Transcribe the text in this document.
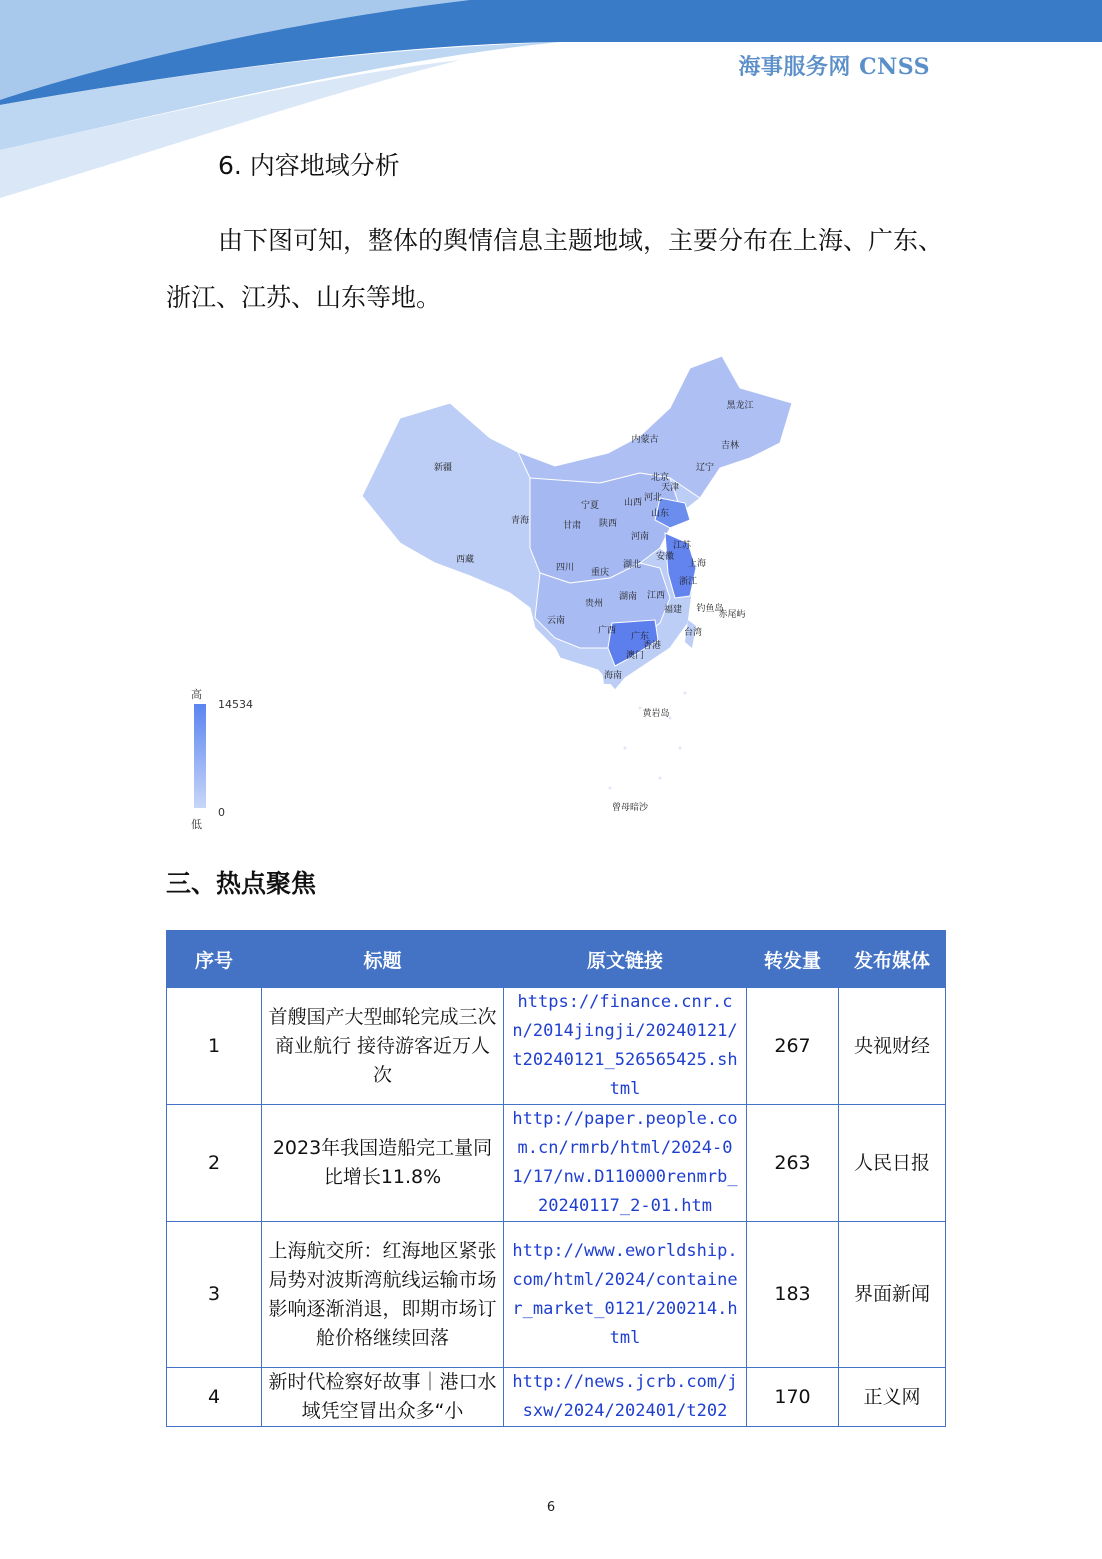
海事服务网 CNSS
6. 内容地域分析
由下图可知，整体的舆情信息主题地域，主要分布在上海、广东、
浙江、江苏、山东等地。
黑龙江
吉林
辽宁
内蒙古
新疆
北京
天津
河北
山西
宁夏
山东
青海	甘肃 陕西
河南
江苏
西藏	安徽
上海
四川	湖北
重庆
浙江
湖南 江西
贵州
福建 钓鱼岛
赤尾屿
云南
广西
广东	台湾
香港
澳门
海南
黄岩岛
曾母暗沙
高
14534
0
低
三、热点聚焦
序号	标题	原文链接	转发量	发布媒体
1	首艘国产大型邮轮完成三次商业航行 接待游客近万人次	https://finance.cnr.cn/2014jingji/20240121/t20240121_526565425.shtml	267	央视财经
2	2023年我国造船完工量同比增长11.8%	http://paper.people.com.cn/rmrb/html/2024-01/17/nw.D110000renmrb_20240117_2-01.htm	263	人民日报
3	上海航交所：红海地区紧张局势对波斯湾航线运输市场影响逐渐消退，即期市场订舱价格继续回落	http://www.eworldship.com/html/2024/container_market_0121/200214.html	183	界面新闻
4	新时代检察好故事｜港口水域凭空冒出众多“小	http://news.jcrb.com/jsxw/2024/202401/t202	170	正义网
6
